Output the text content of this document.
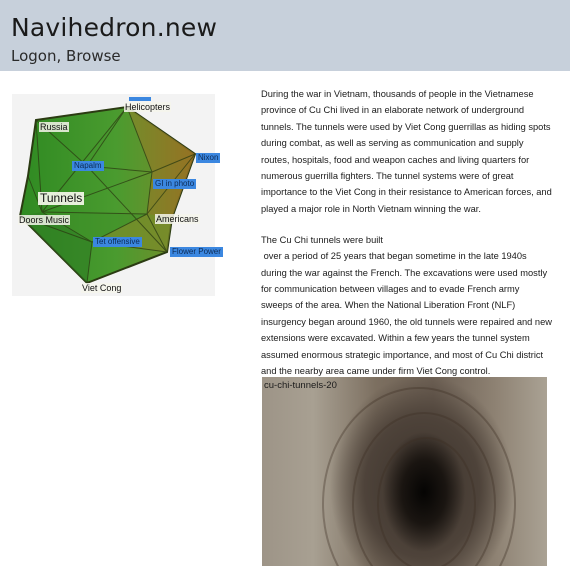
Navihedron.new
Logon, Browse
Helicopters
Russia
Napalm
Nixon
GI in photo
Tunnels
Doors Music	Americans
Tet offensive
Flower Power
Viet Cong

During the war in Vietnam, thousands of people in the Vietnamese province of Cu Chi lived in an elaborate network of underground tunnels. The tunnels were used by Viet Cong guerrillas as hiding spots during combat, as well as serving as communication and supply routes, hospitals, food and weapon caches and living quarters for numerous guerrilla fighters. The tunnel systems were of great importance to the Viet Cong in their resistance to American forces, and played a major role in North Vietnam winning the war.

The Cu Chi tunnels were built

over a period of 25 years that began sometime in the late 1940s during the war against the French. The excavations were used mostly for communication between villages and to evade French army sweeps of the area. When the National Liberation Front (NLF) insurgency began around 1960, the old tunnels were repaired and new extensions were excavated. Within a few years the tunnel system assumed enormous strategic importance, and most of Cu Chi district and the nearby area came under firm Viet Cong control.

cu-chi-tunnels-20
